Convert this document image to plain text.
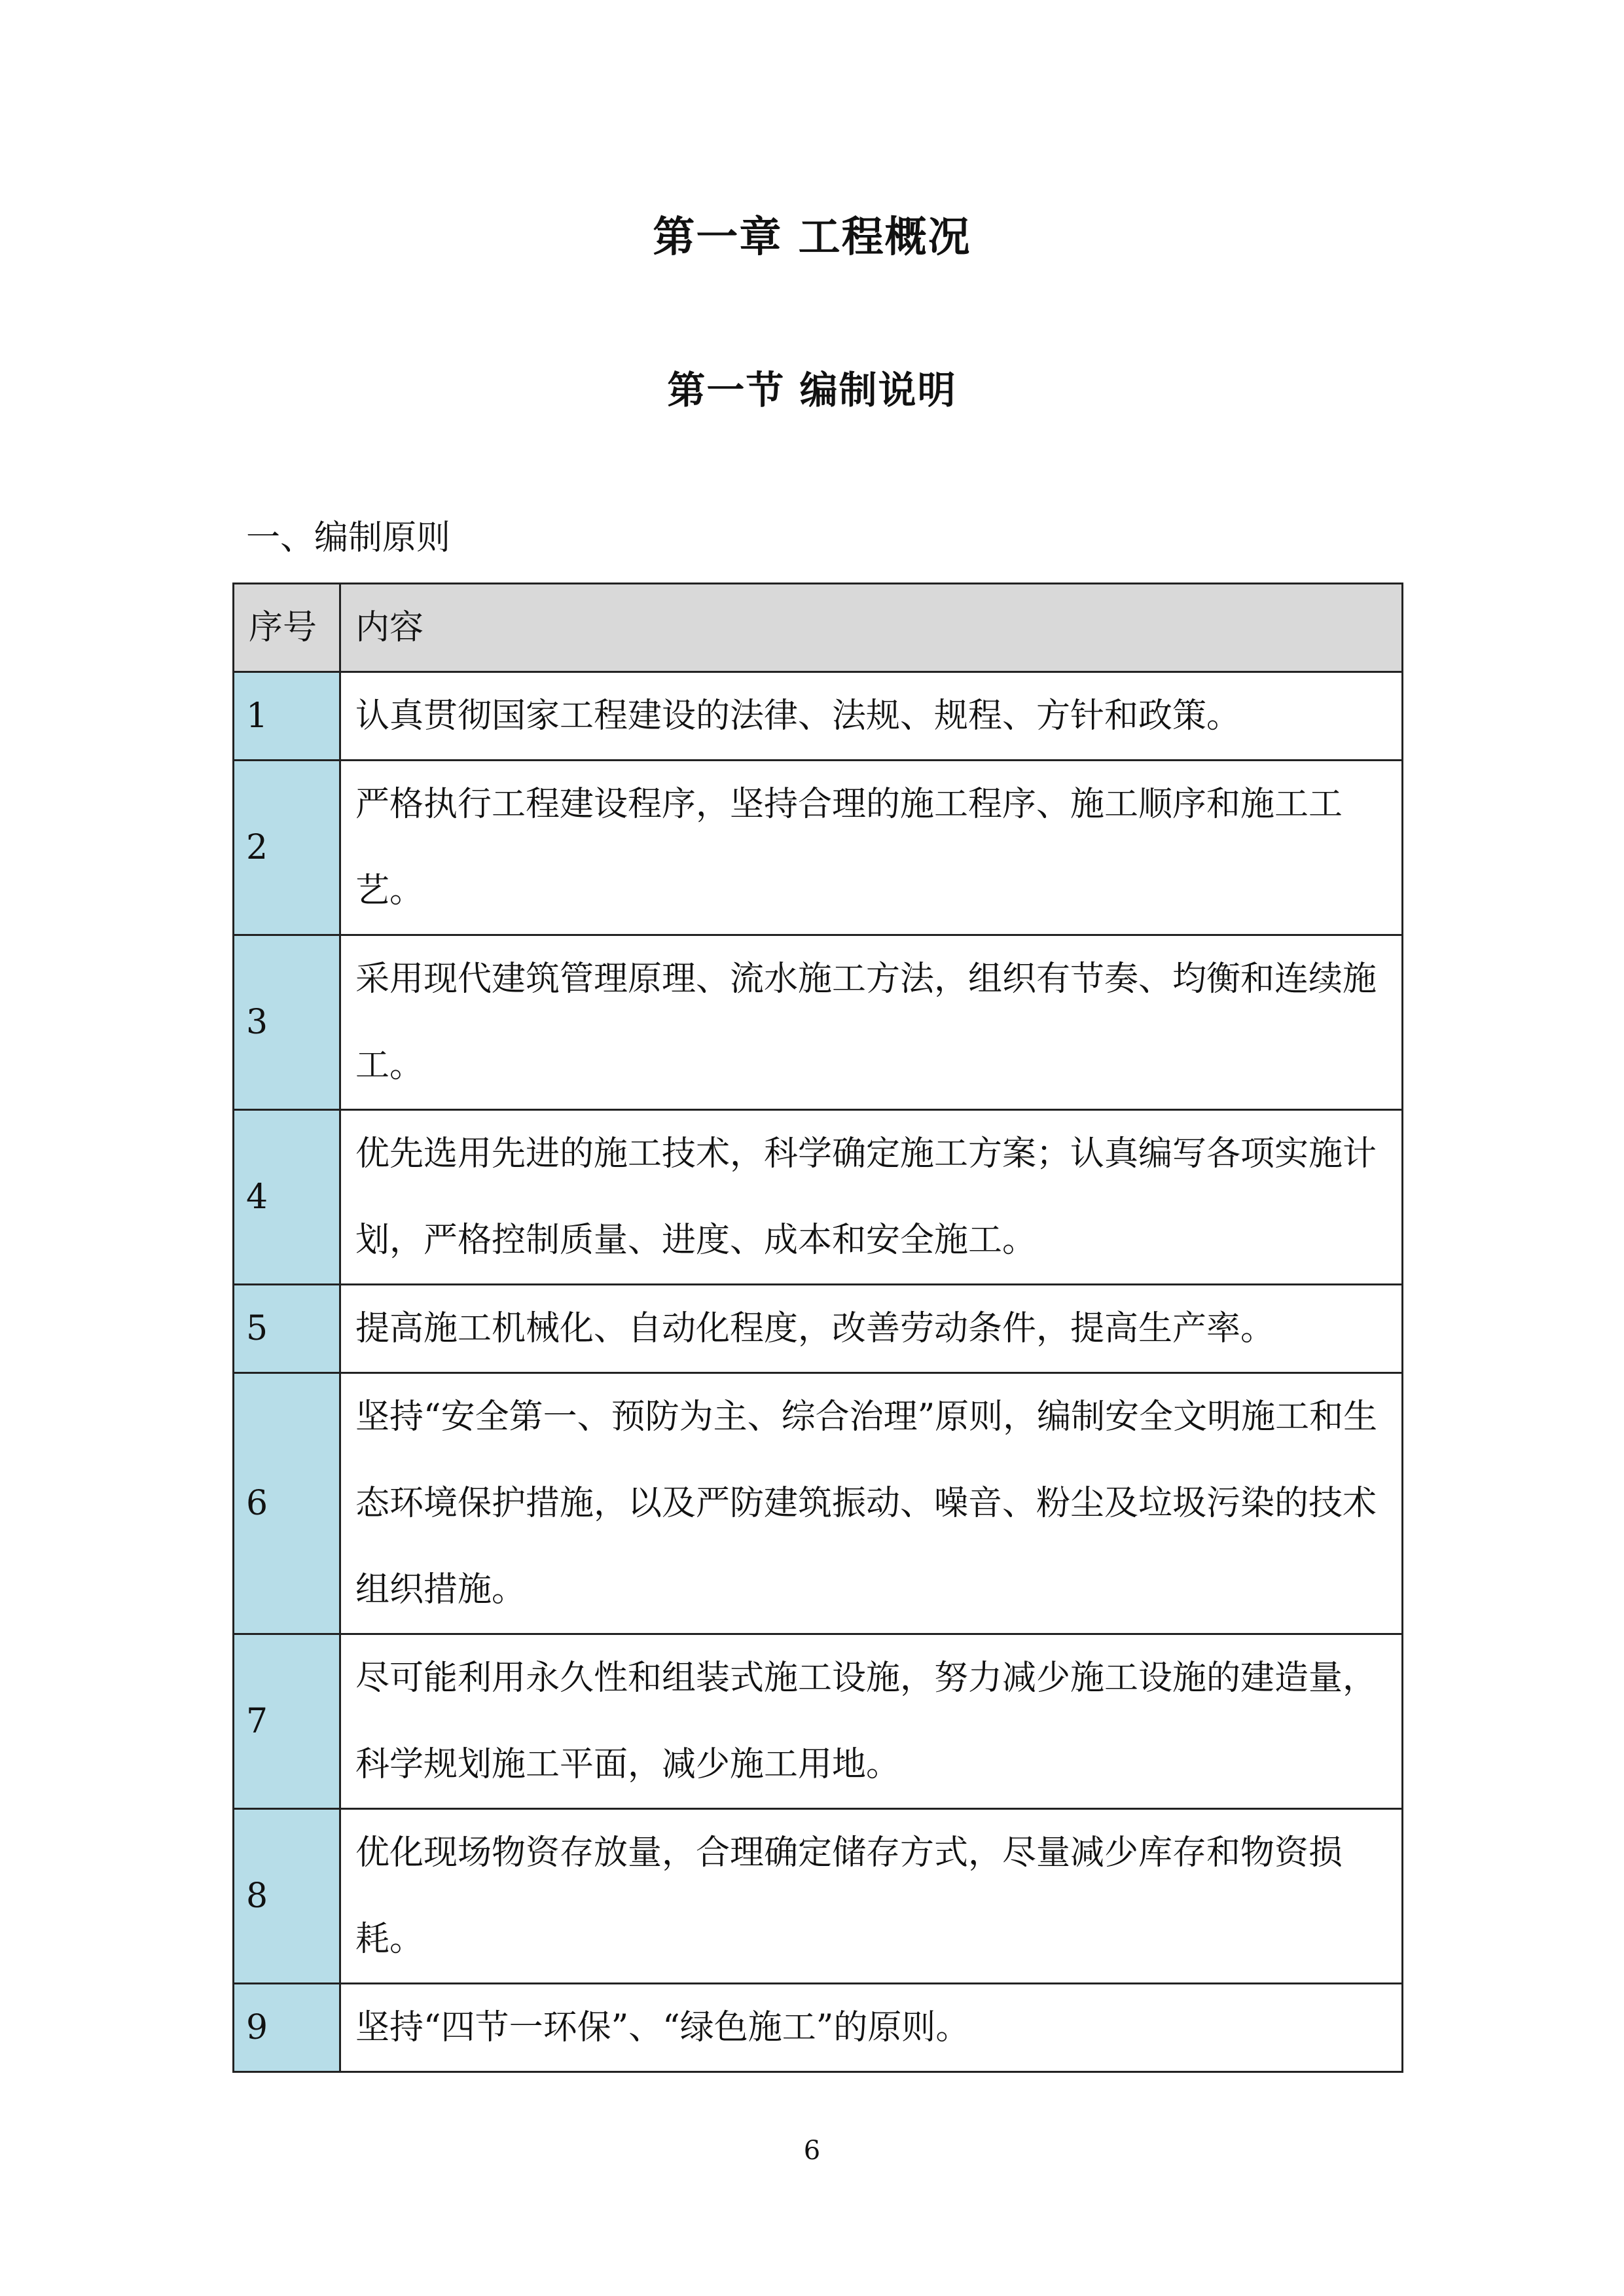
第一章 工程概况
第一节 编制说明
一、编制原则
序号	内容
1	认真贯彻国家工程建设的法律、法规、规程、方针和政策。
2	严格执行工程建设程序，坚持合理的施工程序、施工顺序和施工工艺。
3	采用现代建筑管理原理、流水施工方法，组织有节奏、均衡和连续施工。
4	优先选用先进的施工技术，科学确定施工方案；认真编写各项实施计划，严格控制质量、进度、成本和安全施工。
5	提高施工机械化、自动化程度，改善劳动条件，提高生产率。
6	坚持“安全第一、预防为主、综合治理”原则，编制安全文明施工和生态环境保护措施，以及严防建筑振动、噪音、粉尘及垃圾污染的技术组织措施。
7	尽可能利用永久性和组装式施工设施，努力减少施工设施的建造量，科学规划施工平面，减少施工用地。
8	优化现场物资存放量，合理确定储存方式，尽量减少库存和物资损耗。
9	坚持“四节一环保”、“绿色施工”的原则。
6
